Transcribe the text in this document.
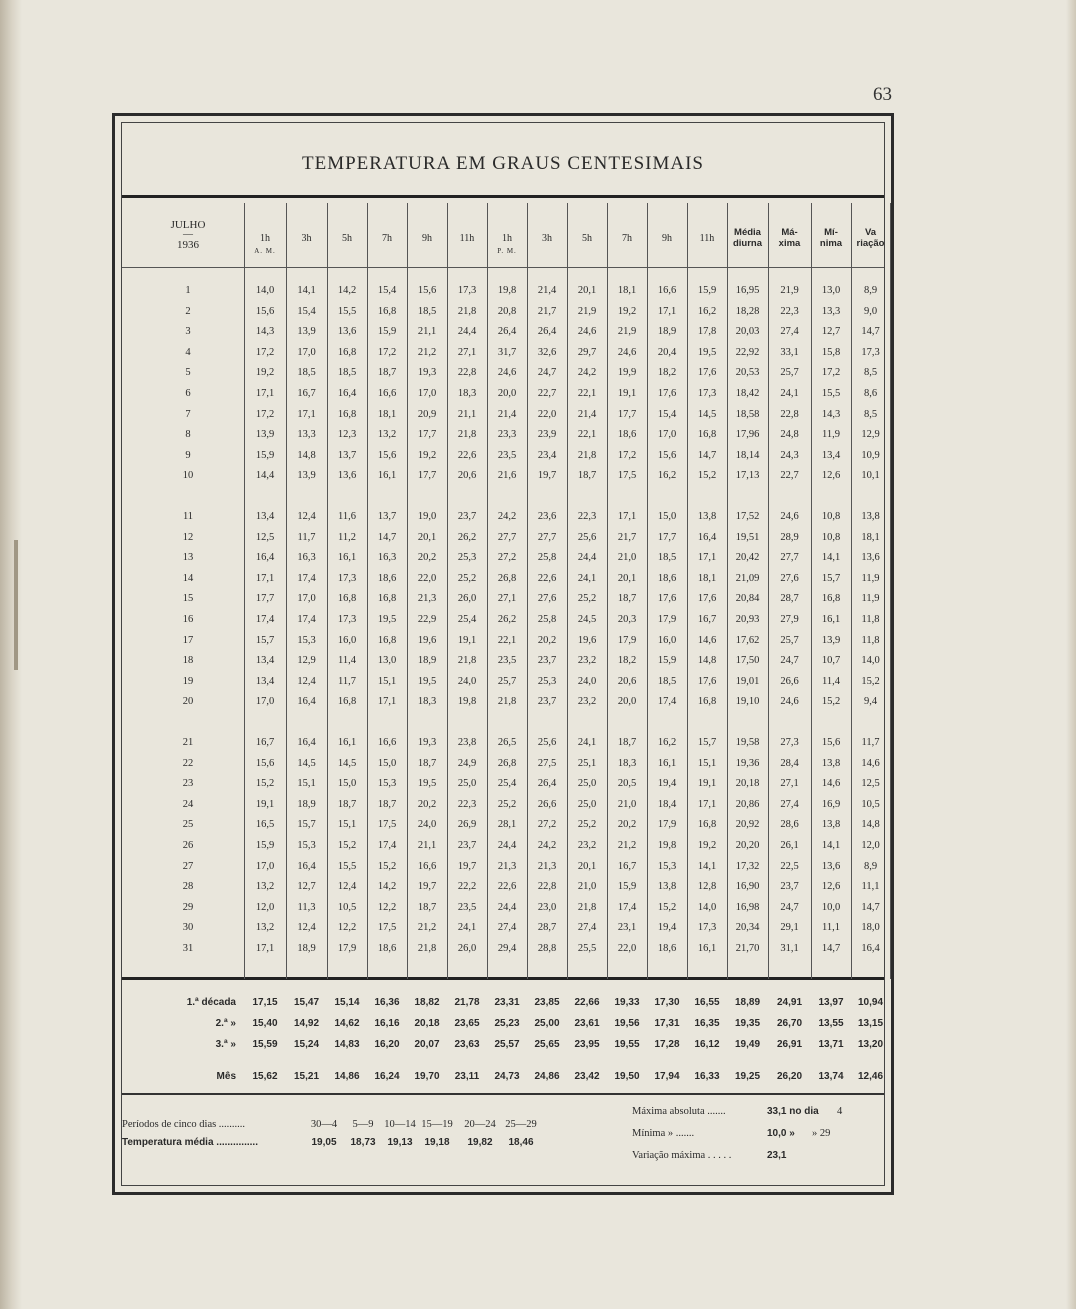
63
TEMPERATURA EM GRAUS CENTESIMAIS
JULHO
—
1936
1h
A. M.
3h	5h	7h	9h	11h	1h
P. M.
3h	5h	7h	9h	11h
Média
diurna
Má-
xima
Mí-
nima
Va
riação
1	14,0	14,1	14,2	15,4	15,6	17,3	19,8	21,4	20,1	18,1	16,6	15,9	16,95	21,9	13,0	8,9
2	15,6	15,4	15,5	16,8	18,5	21,8	20,8	21,7	21,9	19,2	17,1	16,2	18,28	22,3	13,3	9,0
3	14,3	13,9	13,6	15,9	21,1	24,4	26,4	26,4	24,6	21,9	18,9	17,8	20,03	27,4	12,7	14,7
4	17,2	17,0	16,8	17,2	21,2	27,1	31,7	32,6	29,7	24,6	20,4	19,5	22,92	33,1	15,8	17,3
5	19,2	18,5	18,5	18,7	19,3	22,8	24,6	24,7	24,2	19,9	18,2	17,6	20,53	25,7	17,2	8,5
6	17,1	16,7	16,4	16,6	17,0	18,3	20,0	22,7	22,1	19,1	17,6	17,3	18,42	24,1	15,5	8,6
7	17,2	17,1	16,8	18,1	20,9	21,1	21,4	22,0	21,4	17,7	15,4	14,5	18,58	22,8	14,3	8,5
8	13,9	13,3	12,3	13,2	17,7	21,8	23,3	23,9	22,1	18,6	17,0	16,8	17,96	24,8	11,9	12,9
9	15,9	14,8	13,7	15,6	19,2	22,6	23,5	23,4	21,8	17,2	15,6	14,7	18,14	24,3	13,4	10,9
10	14,4	13,9	13,6	16,1	17,7	20,6	21,6	19,7	18,7	17,5	16,2	15,2	17,13	22,7	12,6	10,1
11	13,4	12,4	11,6	13,7	19,0	23,7	24,2	23,6	22,3	17,1	15,0	13,8	17,52	24,6	10,8	13,8
12	12,5	11,7	11,2	14,7	20,1	26,2	27,7	27,7	25,6	21,7	17,7	16,4	19,51	28,9	10,8	18,1
13	16,4	16,3	16,1	16,3	20,2	25,3	27,2	25,8	24,4	21,0	18,5	17,1	20,42	27,7	14,1	13,6
14	17,1	17,4	17,3	18,6	22,0	25,2	26,8	22,6	24,1	20,1	18,6	18,1	21,09	27,6	15,7	11,9
15	17,7	17,0	16,8	16,8	21,3	26,0	27,1	27,6	25,2	18,7	17,6	17,6	20,84	28,7	16,8	11,9
16	17,4	17,4	17,3	19,5	22,9	25,4	26,2	25,8	24,5	20,3	17,9	16,7	20,93	27,9	16,1	11,8
17	15,7	15,3	16,0	16,8	19,6	19,1	22,1	20,2	19,6	17,9	16,0	14,6	17,62	25,7	13,9	11,8
18	13,4	12,9	11,4	13,0	18,9	21,8	23,5	23,7	23,2	18,2	15,9	14,8	17,50	24,7	10,7	14,0
19	13,4	12,4	11,7	15,1	19,5	24,0	25,7	25,3	24,0	20,6	18,5	17,6	19,01	26,6	11,4	15,2
20	17,0	16,4	16,8	17,1	18,3	19,8	21,8	23,7	23,2	20,0	17,4	16,8	19,10	24,6	15,2	9,4
21	16,7	16,4	16,1	16,6	19,3	23,8	26,5	25,6	24,1	18,7	16,2	15,7	19,58	27,3	15,6	11,7
22	15,6	14,5	14,5	15,0	18,7	24,9	26,8	27,5	25,1	18,3	16,1	15,1	19,36	28,4	13,8	14,6
23	15,2	15,1	15,0	15,3	19,5	25,0	25,4	26,4	25,0	20,5	19,4	19,1	20,18	27,1	14,6	12,5
24	19,1	18,9	18,7	18,7	20,2	22,3	25,2	26,6	25,0	21,0	18,4	17,1	20,86	27,4	16,9	10,5
25	16,5	15,7	15,1	17,5	24,0	26,9	28,1	27,2	25,2	20,2	17,9	16,8	20,92	28,6	13,8	14,8
26	15,9	15,3	15,2	17,4	21,1	23,7	24,4	24,2	23,2	21,2	19,8	19,2	20,20	26,1	14,1	12,0
27	17,0	16,4	15,5	15,2	16,6	19,7	21,3	21,3	20,1	16,7	15,3	14,1	17,32	22,5	13,6	8,9
28	13,2	12,7	12,4	14,2	19,7	22,2	22,6	22,8	21,0	15,9	13,8	12,8	16,90	23,7	12,6	11,1
29	12,0	11,3	10,5	12,2	18,7	23,5	24,4	23,0	21,8	17,4	15,2	14,0	16,98	24,7	10,0	14,7
30	13,2	12,4	12,2	17,5	21,2	24,1	27,4	28,7	27,4	23,1	19,4	17,3	20,34	29,1	11,1	18,0
31	17,1	18,9	17,9	18,6	21,8	26,0	29,4	28,8	25,5	22,0	18,6	16,1	21,70	31,1	14,7	16,4
1.ª década	17,15	15,47	15,14	16,36	18,82	21,78	23,31	23,85	22,66	19,33	17,30	16,55	18,89	24,91	13,97	10,94
2.ª »	15,40	14,92	14,62	16,16	20,18	23,65	25,23	25,00	23,61	19,56	17,31	16,35	19,35	26,70	13,55	13,15
3.ª »	15,59	15,24	14,83	16,20	20,07	23,63	25,57	25,65	23,95	19,55	17,28	16,12	19,49	26,91	13,71	13,20
Mês	15,62	15,21	14,86	16,24	19,70	23,11	24,73	24,86	23,42	19,50	17,94	16,33	19,25	26,20	13,74	12,46
Períodos de cinco dias ..........	30—4	5—9	10—14 15—19	20—24 25—29
Temperatura média ...............	19,05	18,73	19,13	19,18	19,82	18,46
Máxima absoluta .......	33,1 no dia 4
Mínima » .......	10,0 » » 29
Variação máxima . . . . .	23,1
